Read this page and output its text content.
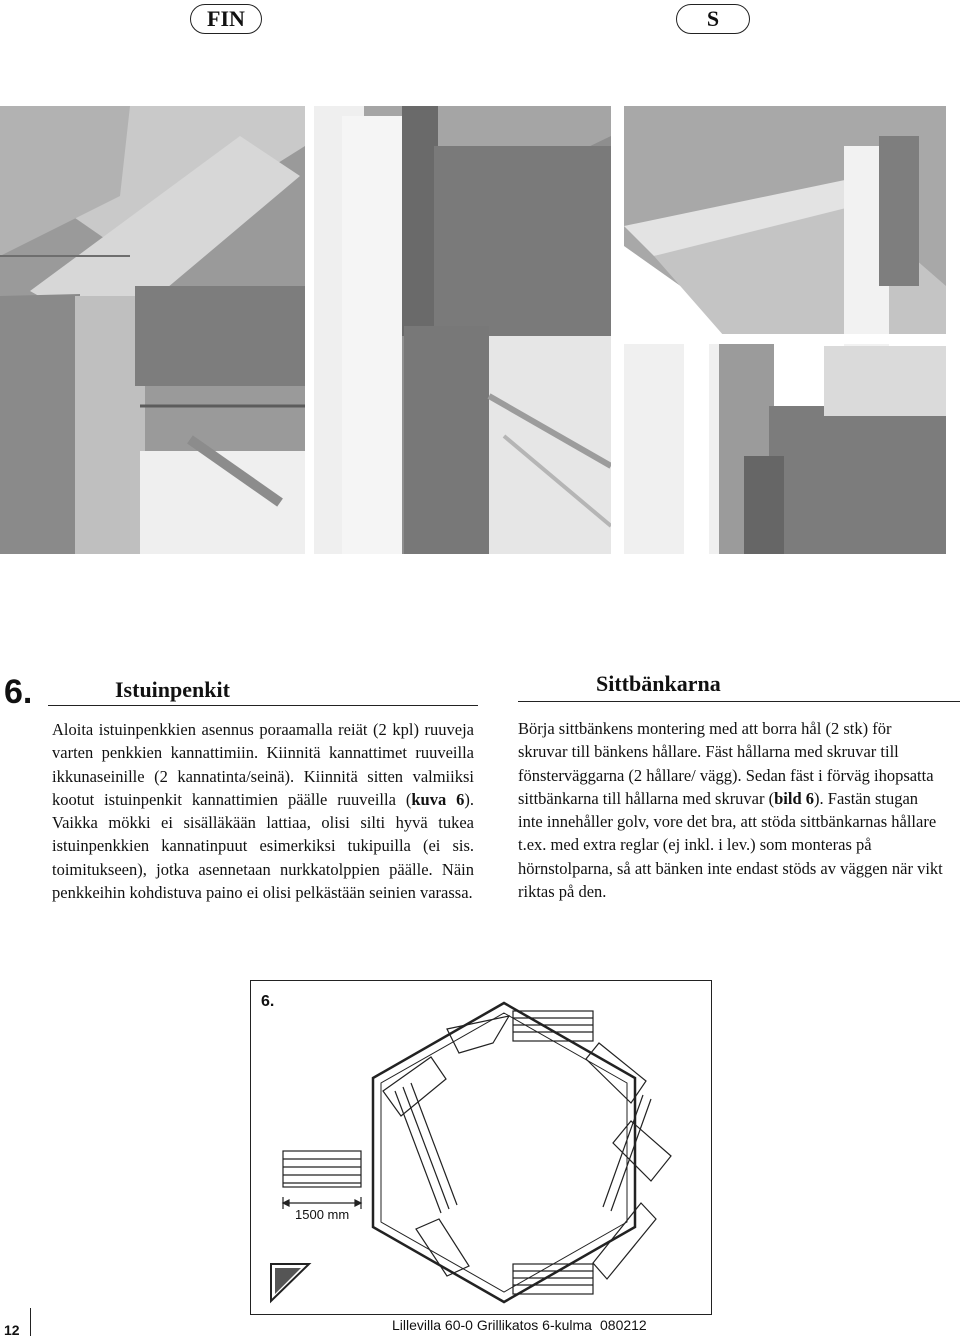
FIN	S
6.	Istuinpenkit	Sittbänkarna

Aloita istuinpenkkien asennus poraamalla reiät (2 kpl) ruuveja varten penkkien kannattimiin. Kiinnitä kannattimet ruuveilla ikkunaseinille (2 kannatinta/seinä). Kiinnitä sitten valmiiksi kootut istuinpenkit kannattimien päälle ruuveilla (kuva 6). Vaikka mökki ei sisälläkään lattiaa, olisi silti hyvä tukea istuinpenkkien kannatinpuut esimerkiksi tukipuilla (ei sis. toimitukseen), jotka asennetaan nurkkatolppien päälle. Näin penkkeihin kohdistuva paino ei olisi pelkästään seinien varassa.

Börja sittbänkens montering med att borra hål (2 stk) för skruvar till bänkens hållare. Fäst hållarna med skruvar till fönsterväggarna (2 hållare/ vägg). Sedan fäst i förväg ihopsatta sittbänkarna till hållarna med skruvar (bild 6). Fastän stugan inte innehåller golv, vore det bra, att stöda sittbänkarnas hållare t.ex. med extra reglar (ej inkl. i lev.) som monteras på hörnstolparna, så att bänken inte endast stöds av väggen när vikt riktas på den.

6.
1500 mm
12	Lillevilla 60-0 Grillikatos 6-kulma 080212
